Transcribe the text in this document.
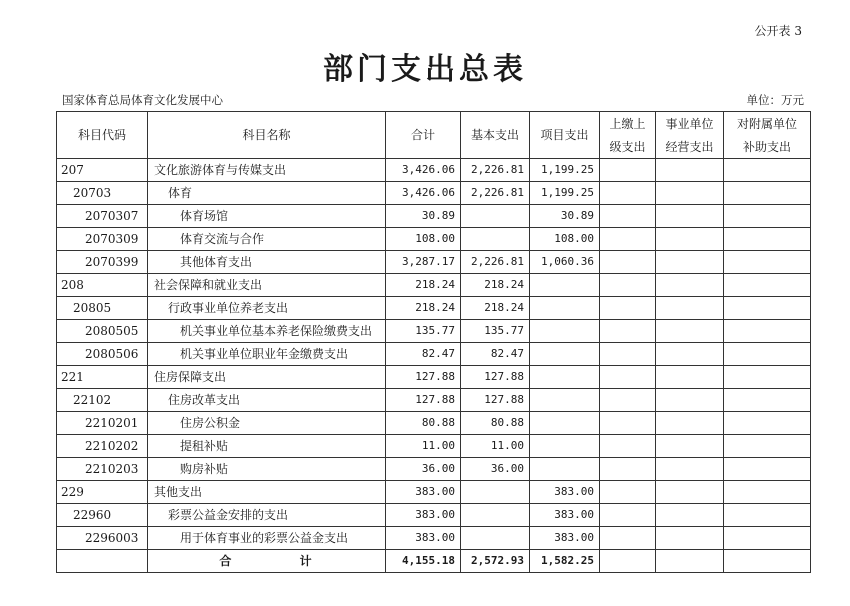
公开表 3
部门支出总表
国家体育总局体育文化发展中心	单位：万元
科目代码	科目名称	合计	基本支出	项目支出	上缴上	事业单位	对附属单位
					级支出	经营支出	补助支出
207	文化旅游体育与传媒支出	3,426.06	2,226.81	1,199.25			
20703	体育	3,426.06	2,226.81	1,199.25			
2070307	体育场馆	30.89		30.89			
2070309	体育交流与合作	108.00		108.00			
2070399	其他体育支出	3,287.17	2,226.81	1,060.36			
208	社会保障和就业支出	218.24	218.24				
20805	行政事业单位养老支出	218.24	218.24				
2080505	机关事业单位基本养老保险缴费支出	135.77	135.77				
2080506	机关事业单位职业年金缴费支出	82.47	82.47				
221	住房保障支出	127.88	127.88				
22102	住房改革支出	127.88	127.88				
2210201	住房公积金	80.88	80.88				
2210202	提租补贴	11.00	11.00				
2210203	购房补贴	36.00	36.00				
229	其他支出	383.00		383.00			
22960	彩票公益金安排的支出	383.00		383.00			
2296003	用于体育事业的彩票公益金支出	383.00		383.00			
	合 计	4,155.18	2,572.93	1,582.25			
